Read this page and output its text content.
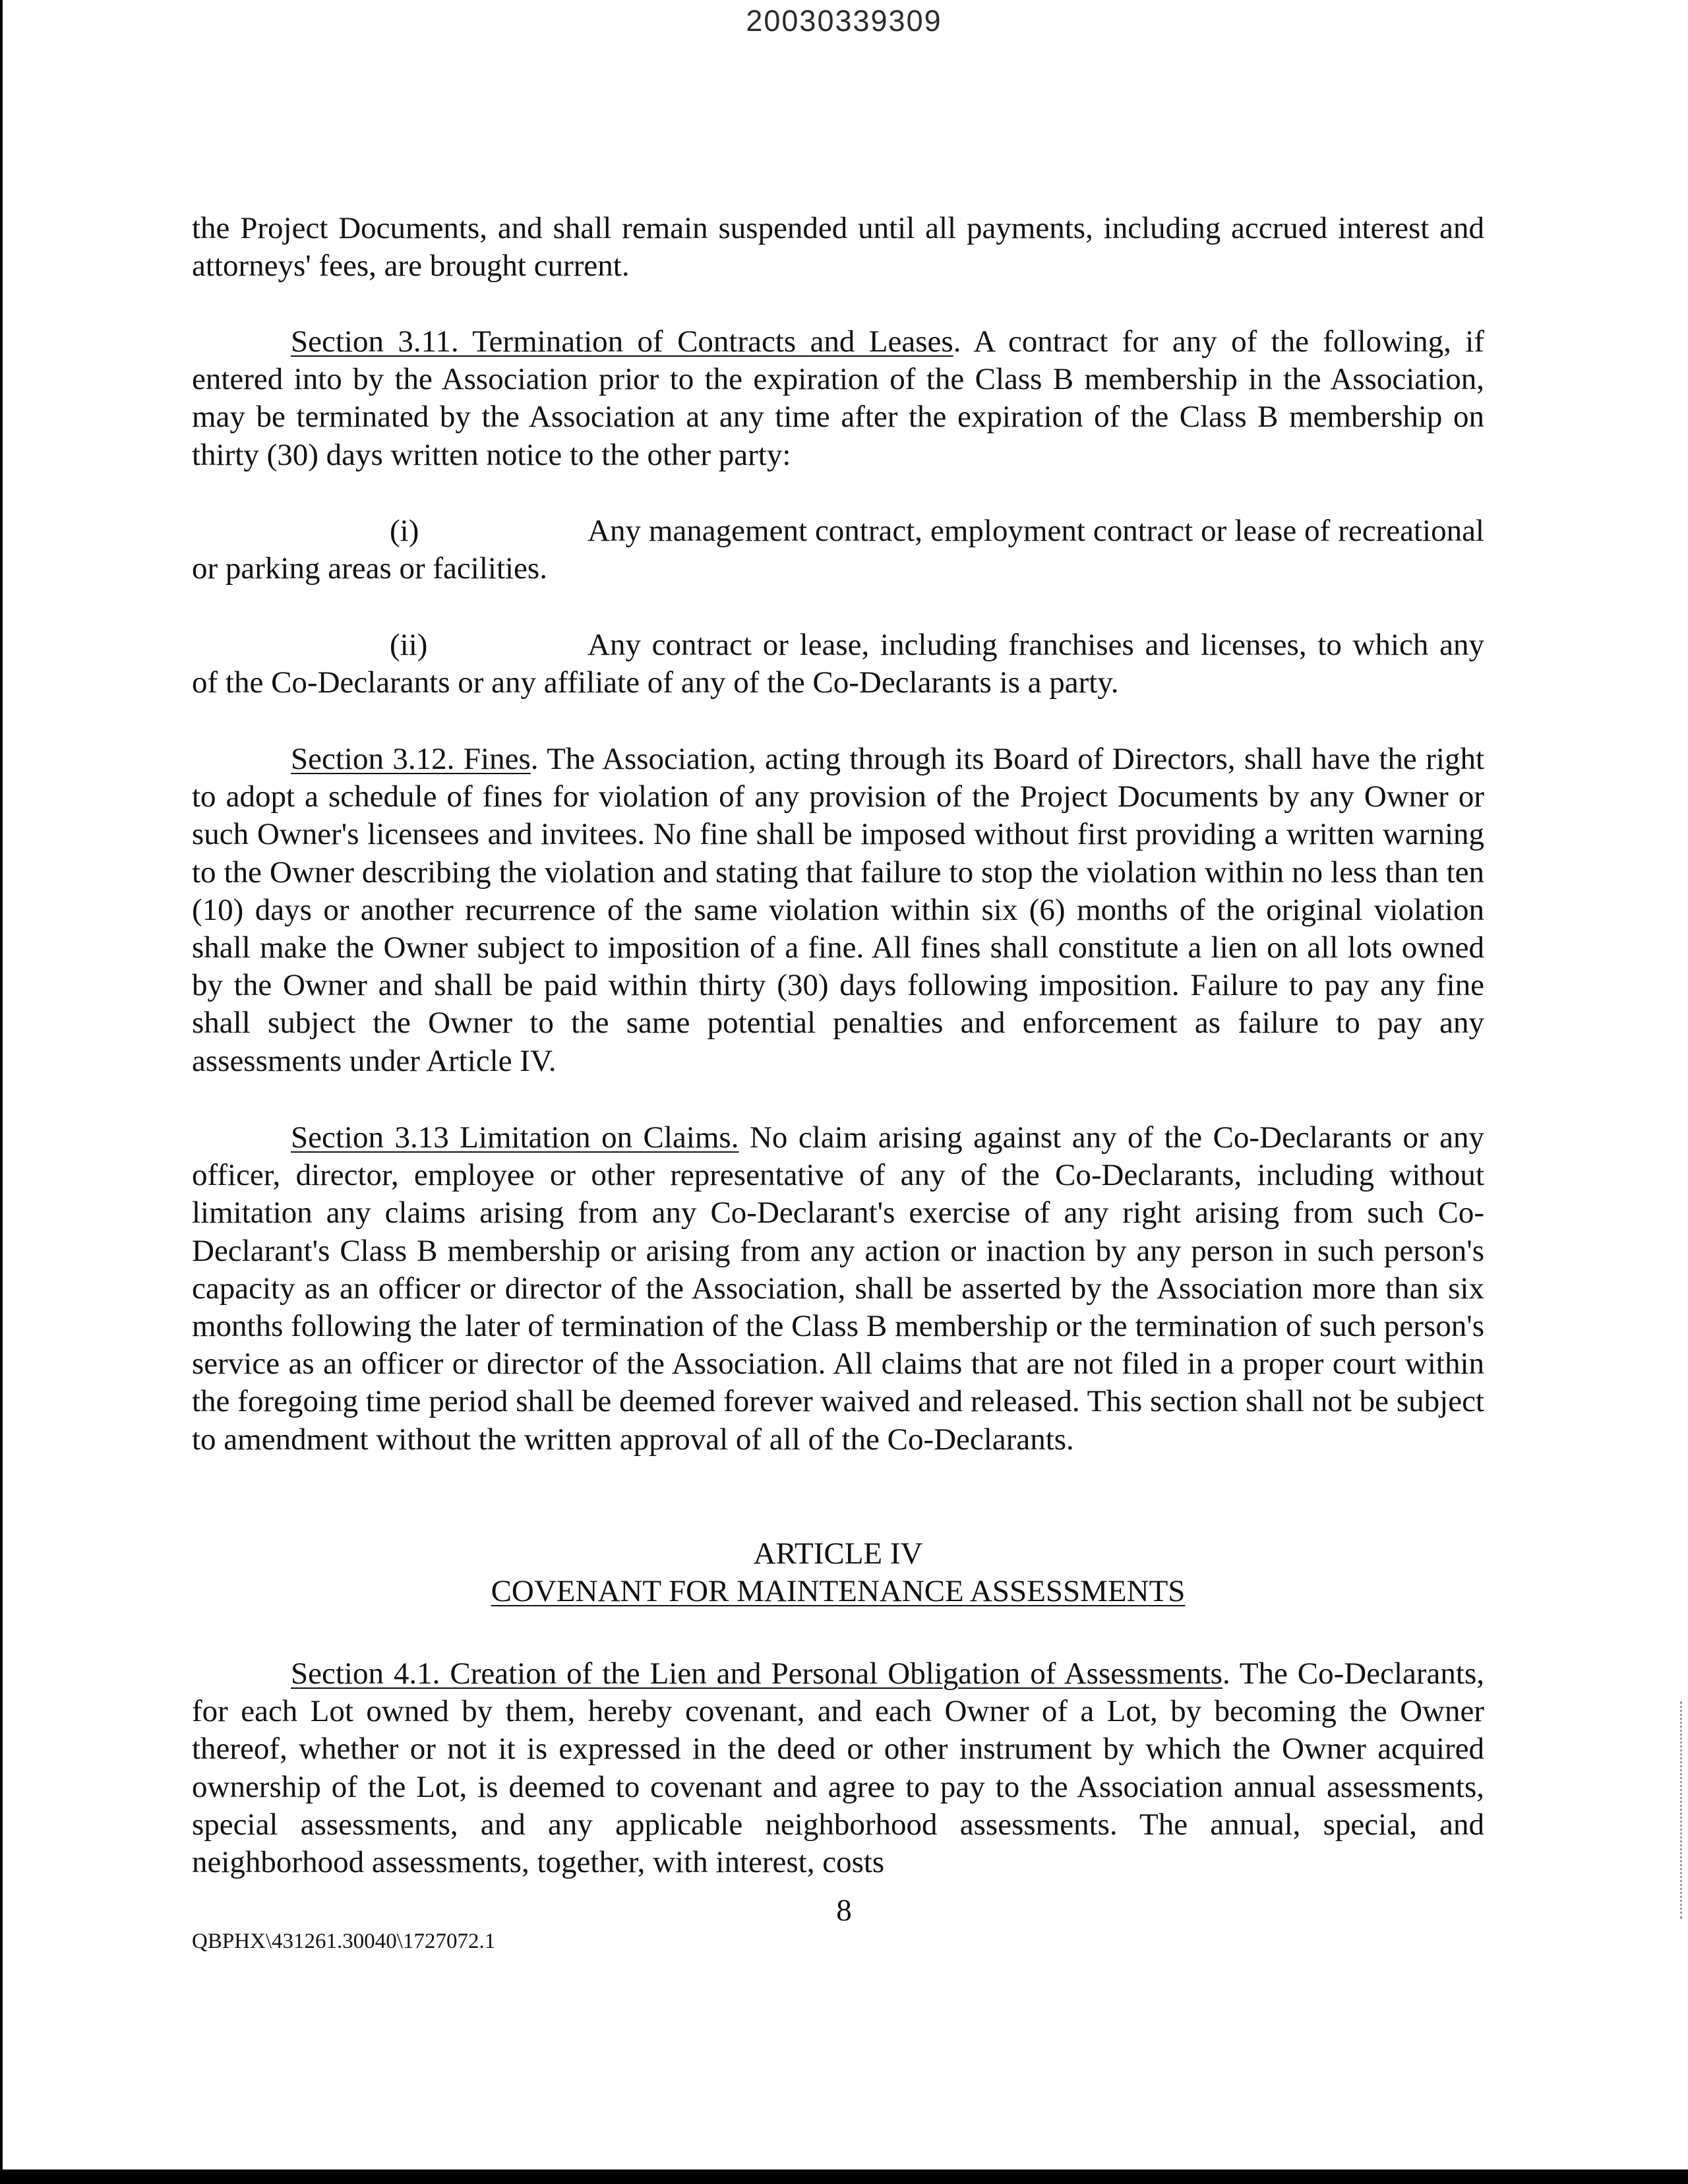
20030339309

the Project Documents, and shall remain suspended until all payments, including accrued interest and attorneys' fees, are brought current.

Section 3.11. Termination of Contracts and Leases. A contract for any of the following, if entered into by the Association prior to the expiration of the Class B membership in the Association, may be terminated by the Association at any time after the expiration of the Class B membership on thirty (30) days written notice to the other party:

(i)	Any management contract, employment contract or lease of recreational or parking areas or facilities.

(ii)	Any contract or lease, including franchises and licenses, to which any of the Co-Declarants or any affiliate of any of the Co-Declarants is a party.

Section 3.12. Fines. The Association, acting through its Board of Directors, shall have the right to adopt a schedule of fines for violation of any provision of the Project Documents by any Owner or such Owner's licensees and invitees. No fine shall be imposed without first providing a written warning to the Owner describing the violation and stating that failure to stop the violation within no less than ten (10) days or another recurrence of the same violation within six (6) months of the original violation shall make the Owner subject to imposition of a fine. All fines shall constitute a lien on all lots owned by the Owner and shall be paid within thirty (30) days following imposition. Failure to pay any fine shall subject the Owner to the same potential penalties and enforcement as failure to pay any assessments under Article IV.

Section 3.13 Limitation on Claims. No claim arising against any of the Co-Declarants or any officer, director, employee or other representative of any of the Co-Declarants, including without limitation any claims arising from any Co-Declarant's exercise of any right arising from such Co-Declarant's Class B membership or arising from any action or inaction by any person in such person's capacity as an officer or director of the Association, shall be asserted by the Association more than six months following the later of termination of the Class B membership or the termination of such person's service as an officer or director of the Association. All claims that are not filed in a proper court within the foregoing time period shall be deemed forever waived and released. This section shall not be subject to amendment without the written approval of all of the Co-Declarants.

ARTICLE IV

COVENANT FOR MAINTENANCE ASSESSMENTS

Section 4.1. Creation of the Lien and Personal Obligation of Assessments. The Co-Declarants, for each Lot owned by them, hereby covenant, and each Owner of a Lot, by becoming the Owner thereof, whether or not it is expressed in the deed or other instrument by which the Owner acquired ownership of the Lot, is deemed to covenant and agree to pay to the Association annual assessments, special assessments, and any applicable neighborhood assessments. The annual, special, and neighborhood assessments, together, with interest, costs

8
QBPHX\431261.30040\1727072.1
